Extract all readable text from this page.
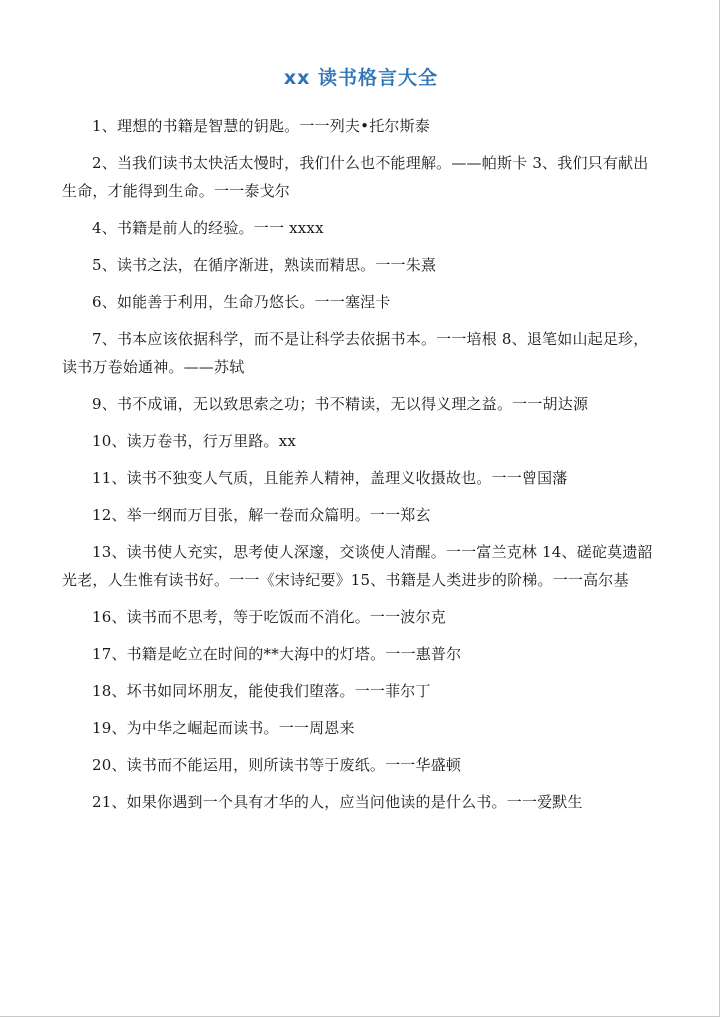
xx 读书格言大全

1、理想的书籍是智慧的钥匙。一一列夫•托尔斯泰

2、当我们读书太快活太慢时，我们什么也不能理解。——帕斯卡 3、我们只有献出生命，才能得到生命。一一泰戈尔

4、书籍是前人的经验。一一 xxxx

5、读书之法，在循序渐进，熟读而精思。一一朱熹

6、如能善于利用，生命乃悠长。一一塞涅卡

7、书本应该依据科学，而不是让科学去依据书本。一一培根 8、退笔如山起足珍，读书万卷始通神。——苏轼

9、书不成诵，无以致思索之功；书不精读，无以得义理之益。一一胡达源

10、读万卷书，行万里路。xx

11、读书不独变人气质，且能养人精神，盖理义收摄故也。一一曾国藩

12、举一纲而万目张，解一卷而众篇明。一一郑玄

13、读书使人充实，思考使人深邃，交谈使人清醒。一一富兰克林 14、磋砣莫遗韶光老，人生惟有读书好。一一《宋诗纪要》15、书籍是人类进步的阶梯。一一高尔基

16、读书而不思考，等于吃饭而不消化。一一波尔克

17、书籍是屹立在时间的**大海中的灯塔。一一惠普尔

18、坏书如同坏朋友，能使我们堕落。一一菲尔丁

19、为中华之崛起而读书。一一周恩来

20、读书而不能运用，则所读书等于废纸。一一华盛顿

21、如果你遇到一个具有才华的人，应当问他读的是什么书。一一爱默生
